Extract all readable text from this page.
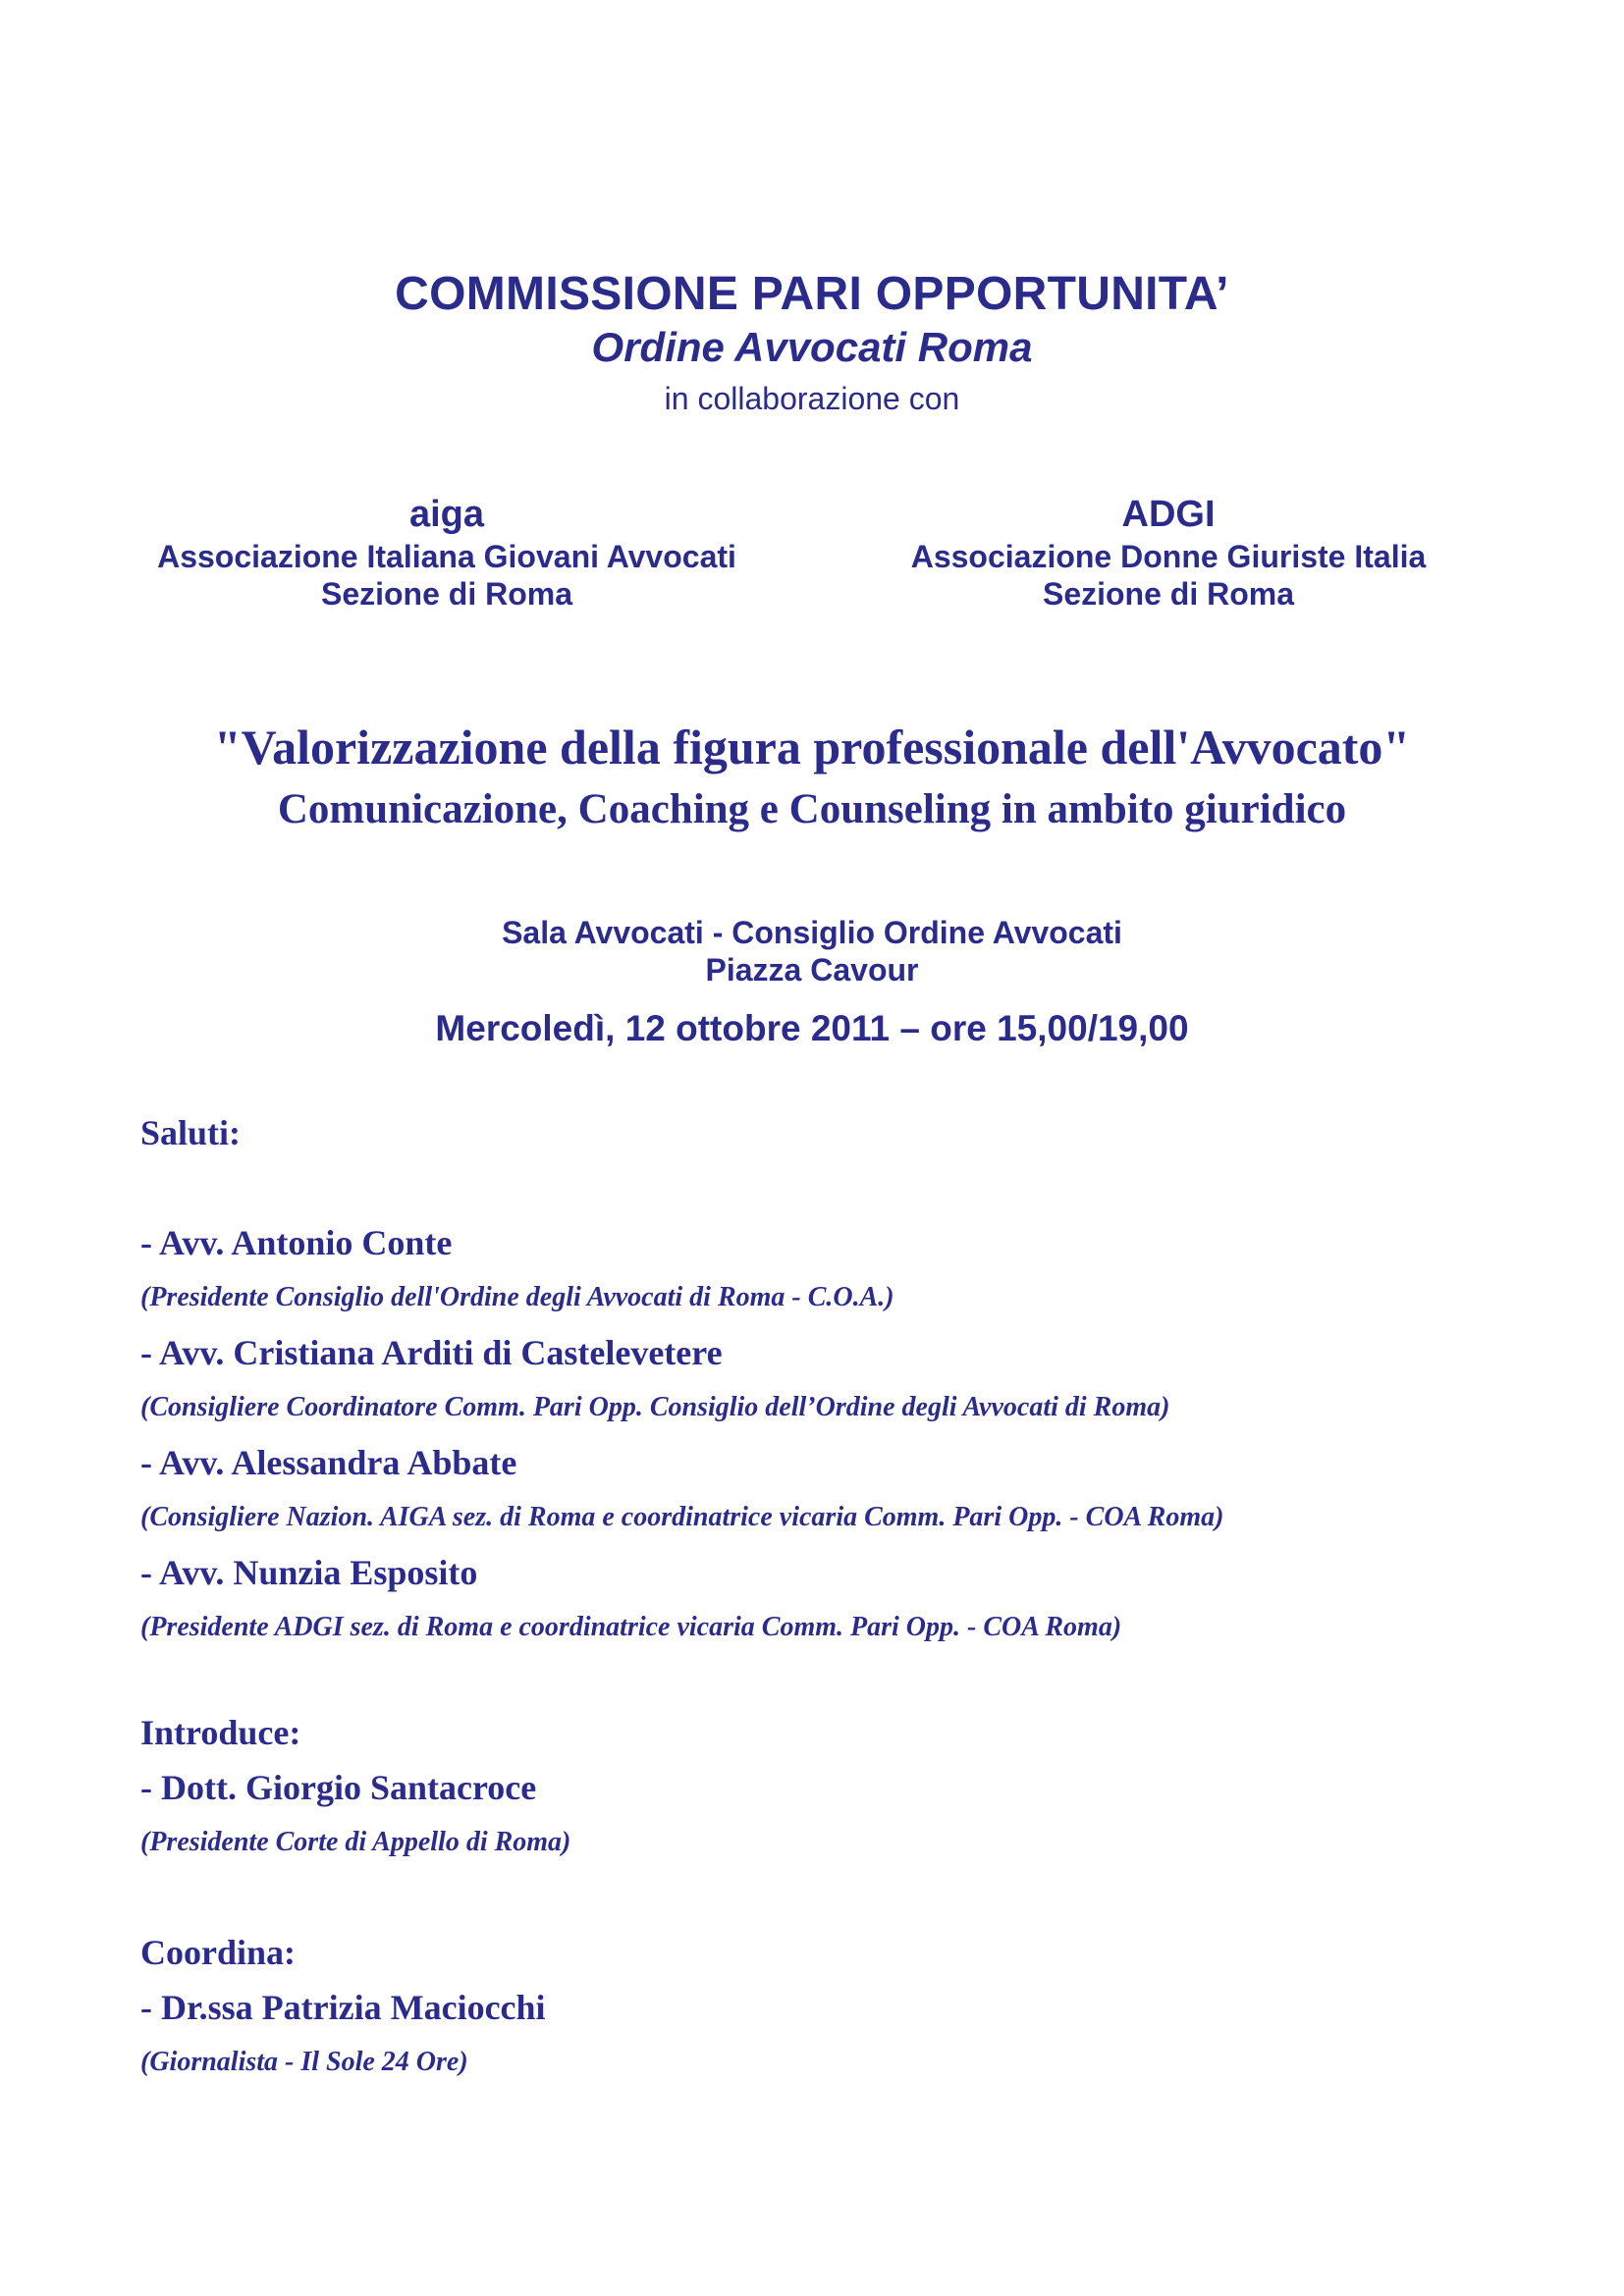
COMMISSIONE PARI OPPORTUNITA’
Ordine Avvocati Roma
in collaborazione con
aiga
Associazione Italiana Giovani Avvocati
Sezione di Roma
ADGI
Associazione Donne Giuriste Italia
Sezione di Roma
"Valorizzazione della figura professionale dell'Avvocato"
Comunicazione, Coaching e Counseling in ambito giuridico
Sala Avvocati - Consiglio Ordine Avvocati
Piazza Cavour
Mercoledì, 12 ottobre 2011 – ore 15,00/19,00
Saluti:
- Avv. Antonio Conte
(Presidente Consiglio dell'Ordine degli Avvocati di Roma - C.O.A.)
- Avv. Cristiana Arditi di Castelevetere
(Consigliere Coordinatore Comm. Pari Opp. Consiglio dell’Ordine degli Avvocati di Roma)
- Avv. Alessandra Abbate
(Consigliere Nazion. AIGA sez. di Roma e coordinatrice vicaria Comm. Pari Opp. - COA Roma)
- Avv. Nunzia Esposito
(Presidente ADGI sez. di Roma e coordinatrice vicaria Comm. Pari Opp. - COA Roma)
Introduce:
- Dott. Giorgio Santacroce
(Presidente Corte di Appello di Roma)
Coordina:
- Dr.ssa Patrizia Maciocchi
(Giornalista - Il Sole 24 Ore)
